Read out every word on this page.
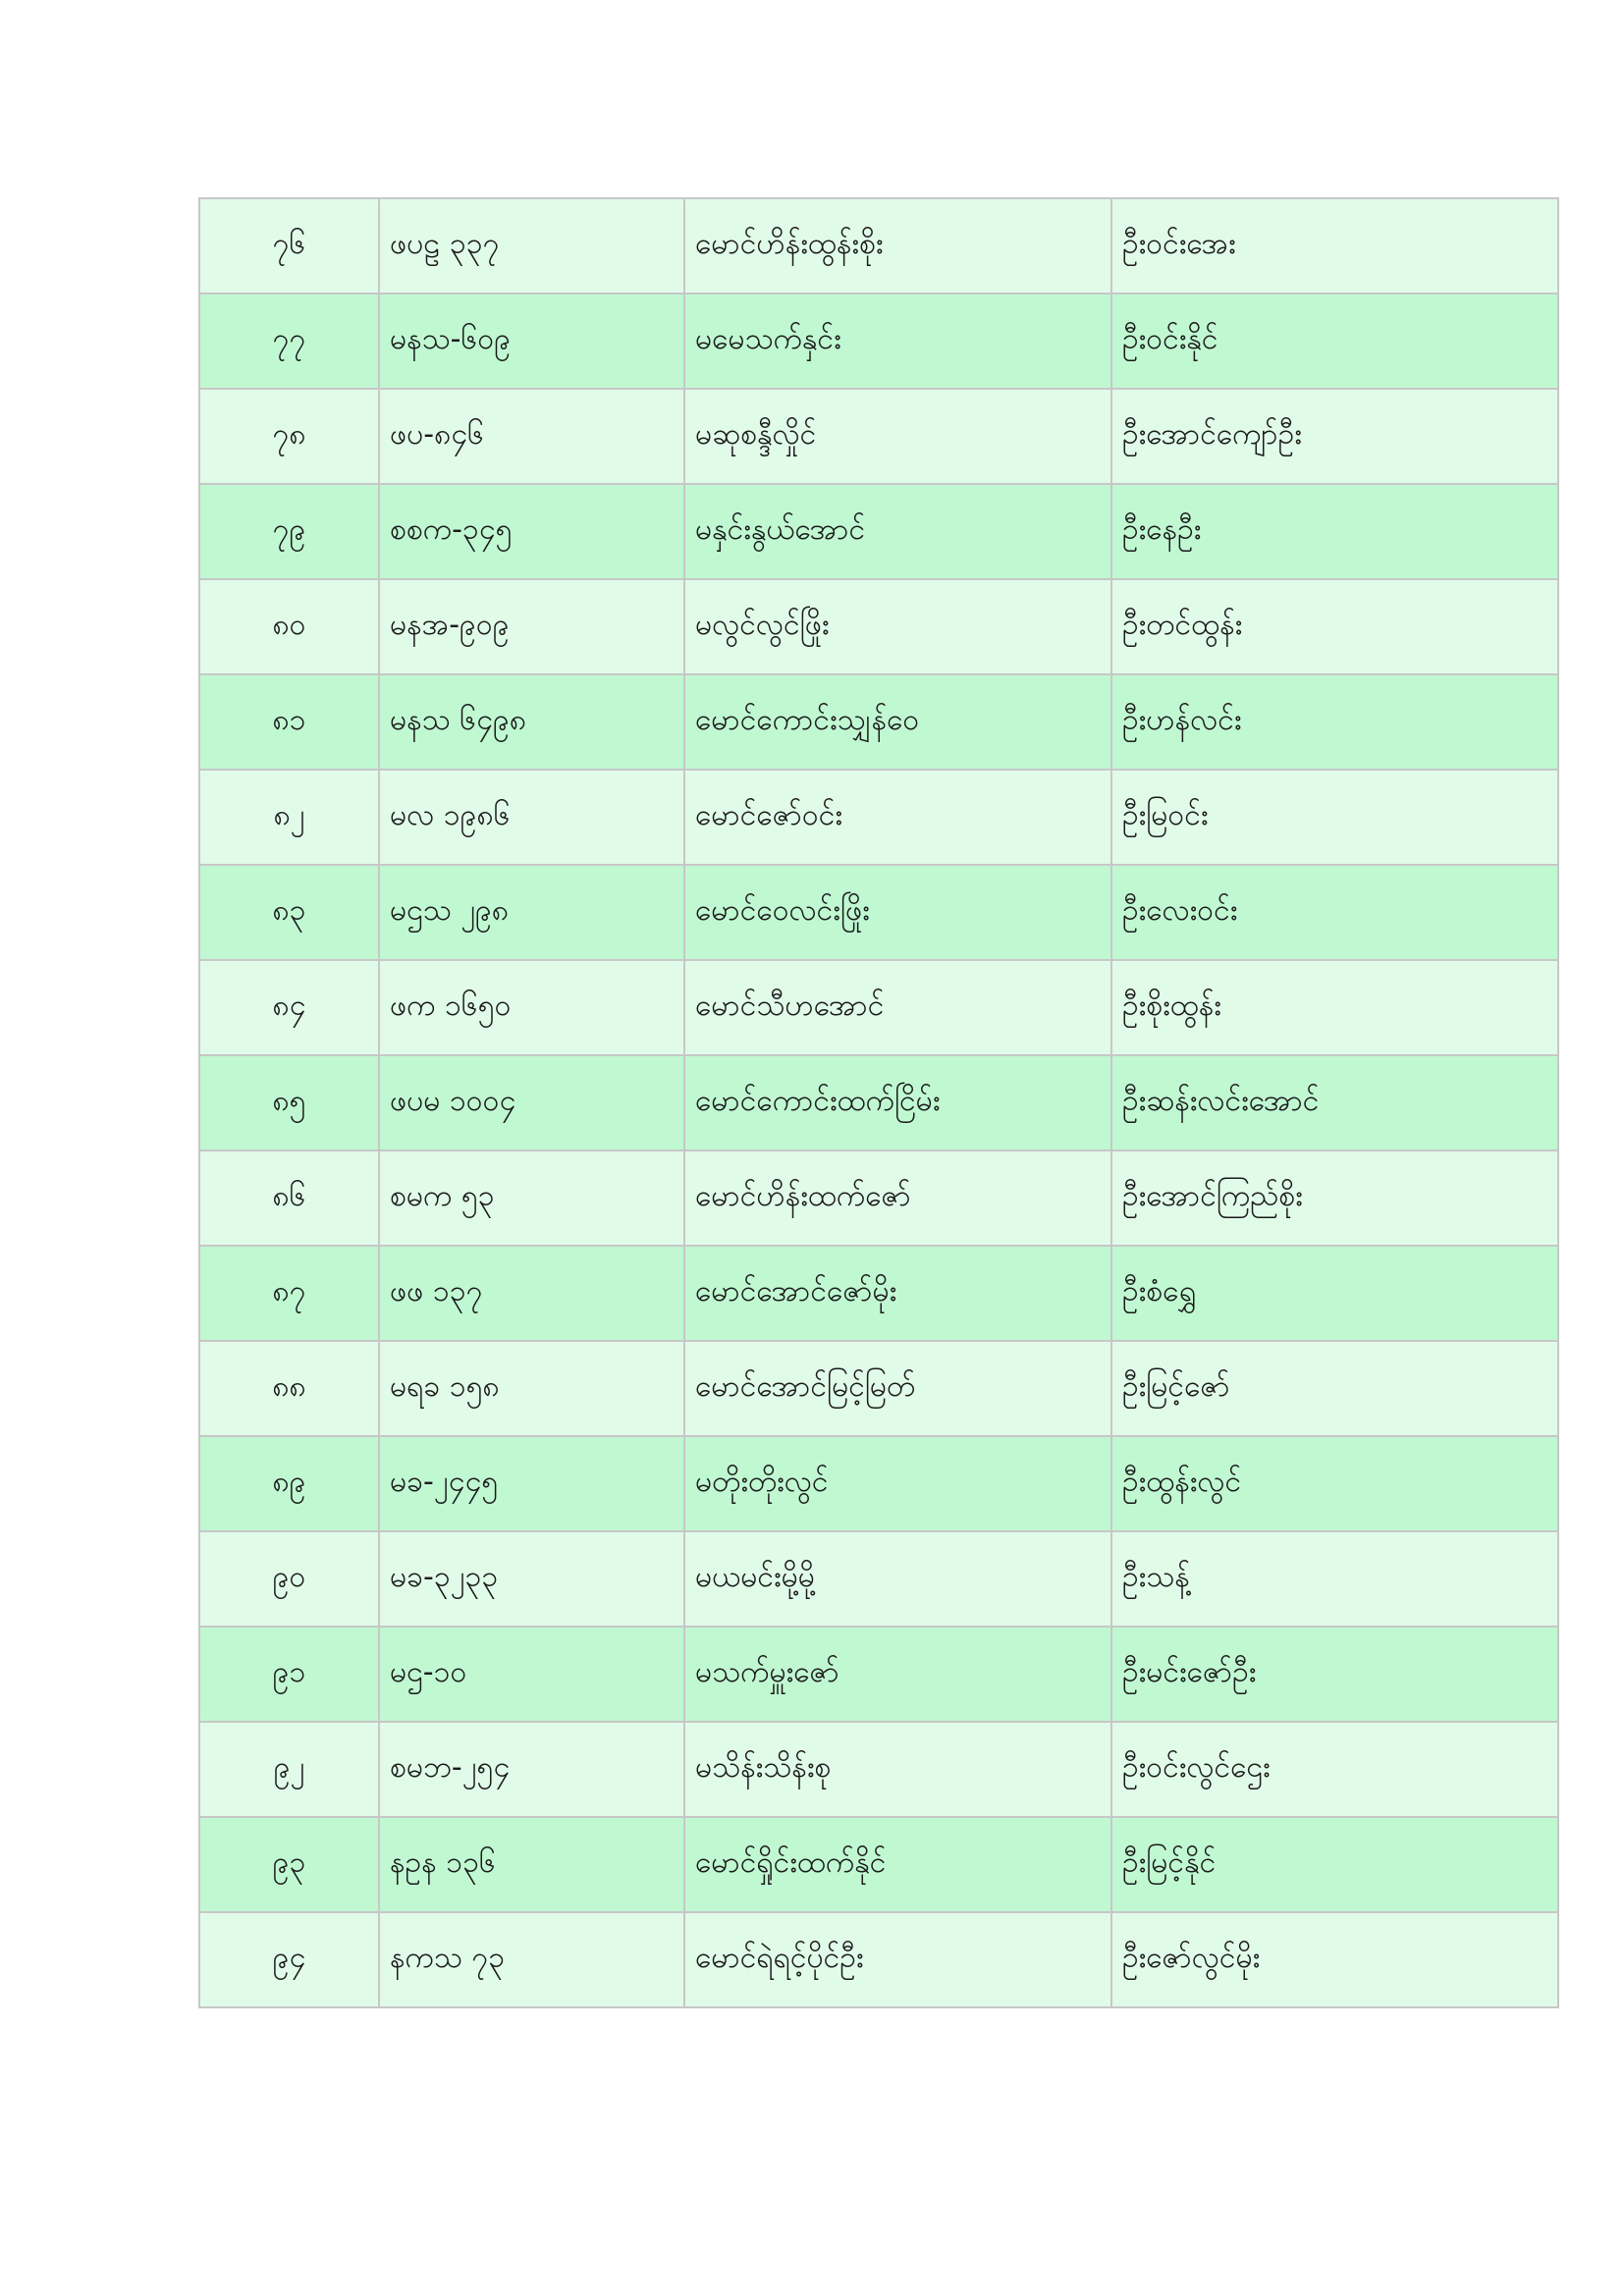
၇၆	ဖပဠ ၃၃၇	မောင်ဟိန်းထွန်းစိုး	ဦးဝင်းအေး
၇၇	မနသ-၆၀၉	မမေသက်နှင်း	ဦးဝင်းနိုင်
၇၈	ဖပ-၈၄၆	မဆုစန္ဒီလှိုင်	ဦးအောင်ကျော်ဦး
၇၉	စစက-၃၄၅	မနှင်းနွယ်အောင်	ဦးနေဦး
၈၀	မနအ-၉၀၉	မလွင်လွင်ဖြိုး	ဦးတင်ထွန်း
၈၁	မနသ ၆၄၉၈	မောင်ကောင်းသျှန်ဝေ	ဦးဟန်လင်း
၈၂	မလ ၁၉၈၆	မောင်ဇော်ဝင်း	ဦးမြဝင်း
၈၃	မဌသ ၂၉၈	မောင်ဝေလင်းဖြိုး	ဦးလေးဝင်း
၈၄	ဖက ၁၆၅၀	မောင်သီဟအောင်	ဦးစိုးထွန်း
၈၅	ဖပမ ၁၀၀၄	မောင်ကောင်းထက်ငြိမ်း	ဦးဆန်းလင်းအောင်
၈၆	စမက ၅၃	မောင်ဟိန်းထက်ဇော်	ဦးအောင်ကြည်စိုး
၈၇	ဖဖ ၁၃၇	မောင်အောင်ဇော်မိုး	ဦးစံရွှေ
၈၈	မရခ ၁၅၈	မောင်အောင်မြင့်မြတ်	ဦးမြင့်ဇော်
၈၉	မခ-၂၄၄၅	မတိုးတိုးလွင်	ဦးထွန်းလွင်
၉၀	မခ-၃၂၃၃	မယမင်းမို့မို့	ဦးသန့်
၉၁	မဌ-၁၀	မသက်မှူးဇော်	ဦးမင်းဇော်ဦး
၉၂	စမဘ-၂၅၄	မသိန်းသိန်းစု	ဦးဝင်းလွင်ဌေး
၉၃	နဥန ၁၃၆	မောင်ရှိုင်းထက်နိုင်	ဦးမြင့်နိုင်
၉၄	နကသ ၇၃	မောင်ရဲရင့်ပိုင်ဦး	ဦးဇော်လွင်မိုး
